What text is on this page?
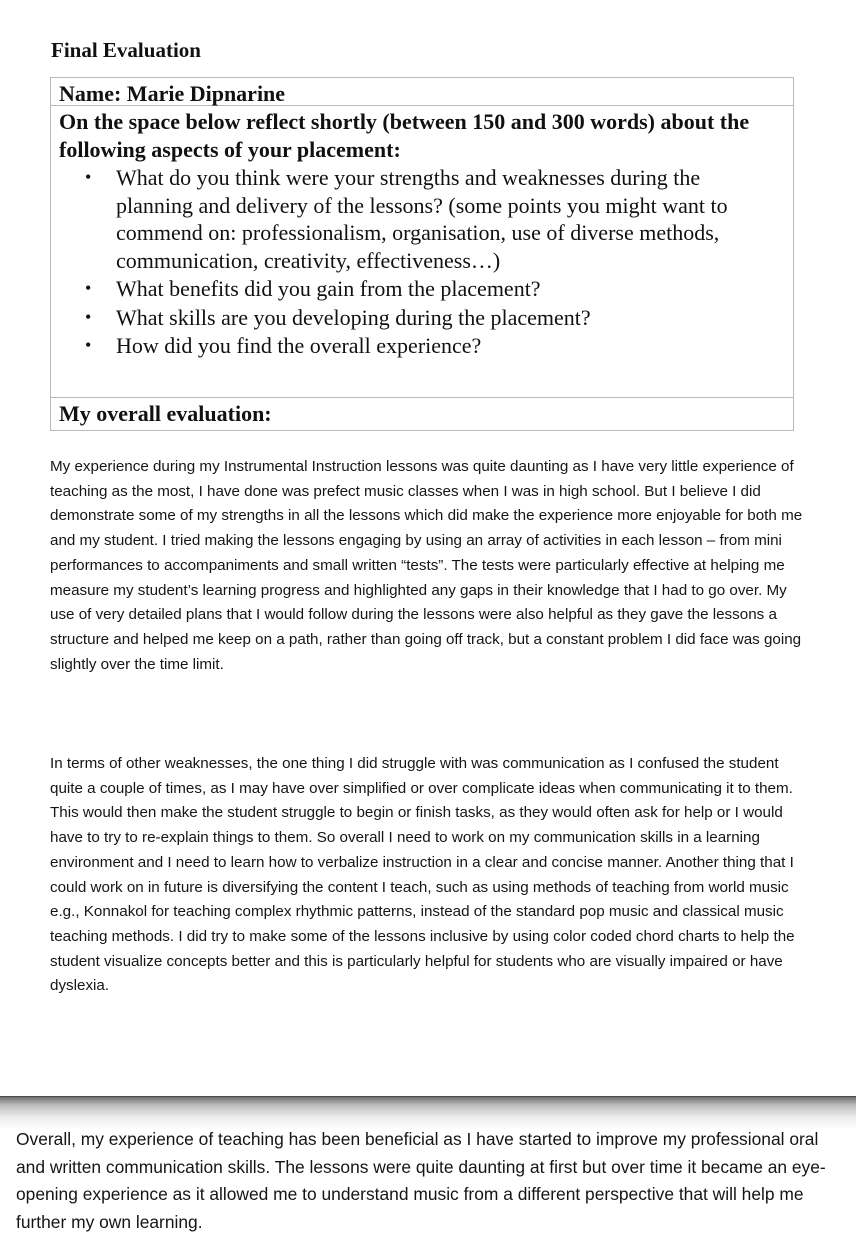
Final Evaluation
Name: Marie Dipnarine

On the space below reflect shortly (between 150 and 300 words) about the following aspects of your placement:

• What do you think were your strengths and weaknesses during the planning and delivery of the lessons? (some points you might want to commend on: professionalism, organisation, use of diverse methods, communication, creativity, effectiveness…)
• What benefits did you gain from the placement?
• What skills are you developing during the placement?
• How did you find the overall experience?
My overall evaluation:

My experience during my Instrumental Instruction lessons was quite daunting as I have very little experience of teaching as the most, I have done was prefect music classes when I was in high school. But I believe I did demonstrate some of my strengths in all the lessons which did make the experience more enjoyable for both me and my student. I tried making the lessons engaging by using an array of activities in each lesson – from mini performances to accompaniments and small written “tests”. The tests were particularly effective at helping me measure my student’s learning progress and highlighted any gaps in their knowledge that I had to go over. My use of very detailed plans that I would follow during the lessons were also helpful as they gave the lessons a structure and helped me keep on a path, rather than going off track, but a constant problem I did face was going slightly over the time limit.

In terms of other weaknesses, the one thing I did struggle with was communication as I confused the student quite a couple of times, as I may have over simplified or over complicate ideas when communicating it to them. This would then make the student struggle to begin or finish tasks, as they would often ask for help or I would have to try to re-explain things to them. So overall I need to work on my communication skills in a learning environment and I need to learn how to verbalize instruction in a clear and concise manner. Another thing that I could work on in future is diversifying the content I teach, such as using methods of teaching from world music e.g., Konnakol for teaching complex rhythmic patterns, instead of the standard pop music and classical music teaching methods. I did try to make some of the lessons inclusive by using color coded chord charts to help the student visualize concepts better and this is particularly helpful for students who are visually impaired or have dyslexia.

Overall, my experience of teaching has been beneficial as I have started to improve my professional oral and written communication skills. The lessons were quite daunting at first but over time it became an eye-opening experience as it allowed me to understand music from a different perspective that will help me further my own learning.
